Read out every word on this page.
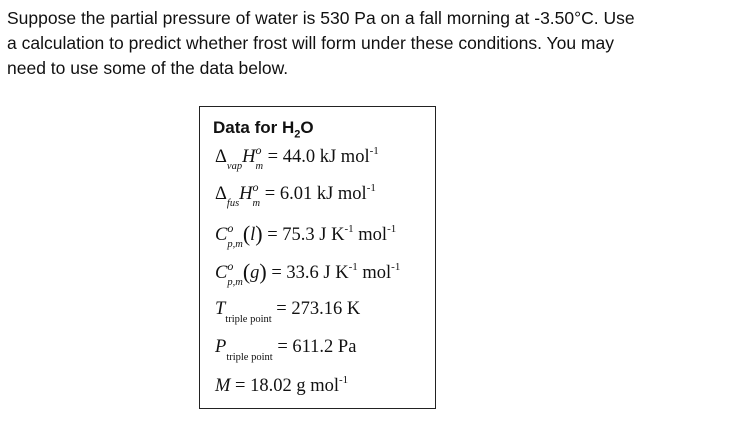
Suppose the partial pressure of water is 530 Pa on a fall morning at -3.50°C. Use
a calculation to predict whether frost will form under these conditions. You may
need to use some of the data below.

Data for $H_2O$
$\Delta_{vap}H^o_m = 44.0$ kJ mol$^{-1}$
$\Delta_{fus}H^o_m = 6.01$ kJ mol$^{-1}$
$C^o_{p,m}(l) = 75.3$ J $K^{-1}$ mol$^{-1}$
$C^o_{p,m}(g) = 33.6$ J $K^{-1}$ mol$^{-1}$
$T_{triple point} = 273.16$ K
$P_{triple point} = 611.2$ Pa
M = 18.02 g mol$^{-1}$
